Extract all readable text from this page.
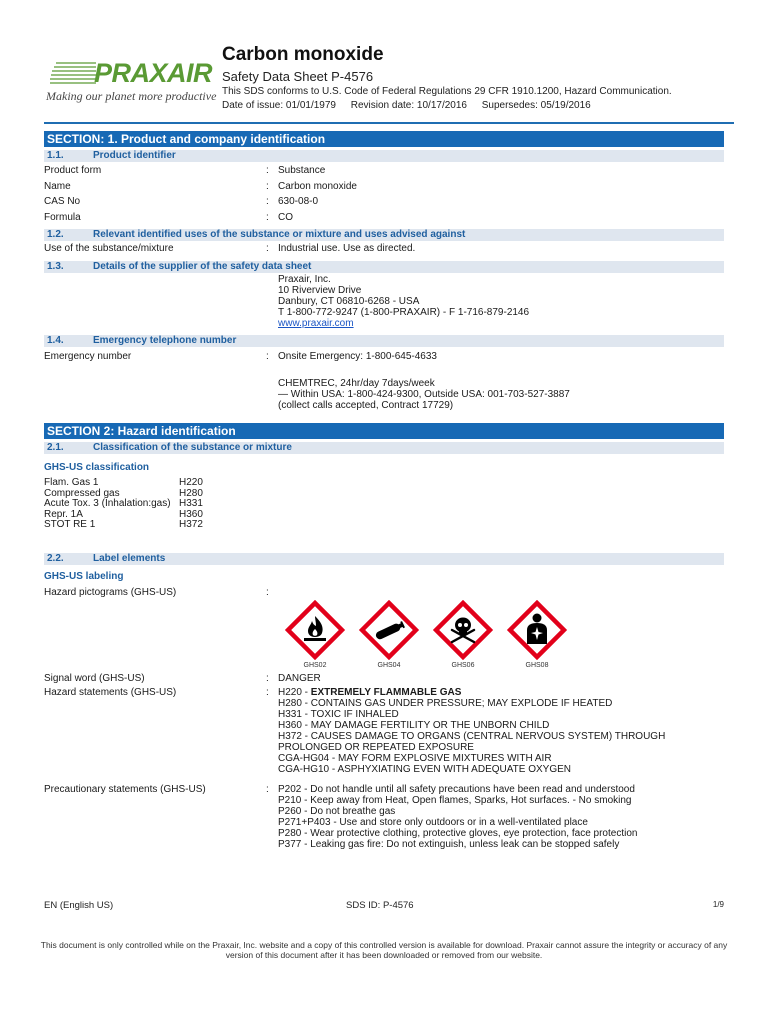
PRAXAIR
Making our planet more productive
Carbon monoxide
Safety Data Sheet P-4576
This SDS conforms to U.S. Code of Federal Regulations 29 CFR 1910.1200, Hazard Communication.
Date of issue: 01/01/1979 Revision date: 10/17/2016 Supersedes: 05/19/2016
SECTION: 1. Product and company identification
1.1.	Product identifier
Product form	: Substance
Name	: Carbon monoxide
CAS No	: 630-08-0
Formula	: CO
1.2.	Relevant identified uses of the substance or mixture and uses advised against
Use of the substance/mixture	: Industrial use. Use as directed.
1.3.	Details of the supplier of the safety data sheet
Praxair, Inc.
10 Riverview Drive
Danbury, CT 06810-6268 - USA
T 1-800-772-9247 (1-800-PRAXAIR) - F 1-716-879-2146
www.praxair.com
1.4.	Emergency telephone number
Emergency number	: Onsite Emergency: 1-800-645-4633
CHEMTREC, 24hr/day 7days/week
— Within USA: 1-800-424-9300, Outside USA: 001-703-527-3887
(collect calls accepted, Contract 17729)
SECTION 2: Hazard identification
2.1.	Classification of the substance or mixture
GHS-US classification
Flam. Gas 1	H220
Compressed gas	H280
Acute Tox. 3 (Inhalation:gas) H331
Repr. 1A	H360
STOT RE 1	H372
2.2.	Label elements
GHS-US labeling
Hazard pictograms (GHS-US)	:
GHS02	GHS04	GHS06	GHS08
Signal word (GHS-US)	: DANGER
Hazard statements (GHS-US)	: H220 - EXTREMELY FLAMMABLE GAS
H280 - CONTAINS GAS UNDER PRESSURE; MAY EXPLODE IF HEATED
H331 - TOXIC IF INHALED
H360 - MAY DAMAGE FERTILITY OR THE UNBORN CHILD
H372 - CAUSES DAMAGE TO ORGANS (CENTRAL NERVOUS SYSTEM) THROUGH
PROLONGED OR REPEATED EXPOSURE
CGA-HG04 - MAY FORM EXPLOSIVE MIXTURES WITH AIR
CGA-HG10 - ASPHYXIATING EVEN WITH ADEQUATE OXYGEN
Precautionary statements (GHS-US)	: P202 - Do not handle until all safety precautions have been read and understood
P210 - Keep away from Heat, Open flames, Sparks, Hot surfaces. - No smoking
P260 - Do not breathe gas
P271+P403 - Use and store only outdoors or in a well-ventilated place
P280 - Wear protective clothing, protective gloves, eye protection, face protection
P377 - Leaking gas fire: Do not extinguish, unless leak can be stopped safely
EN (English US)	SDS ID: P-4576	1/9
This document is only controlled while on the Praxair, Inc. website and a copy of this controlled version is available for download. Praxair cannot assure the integrity or accuracy of any version of this document after it has been downloaded or removed from our website.
